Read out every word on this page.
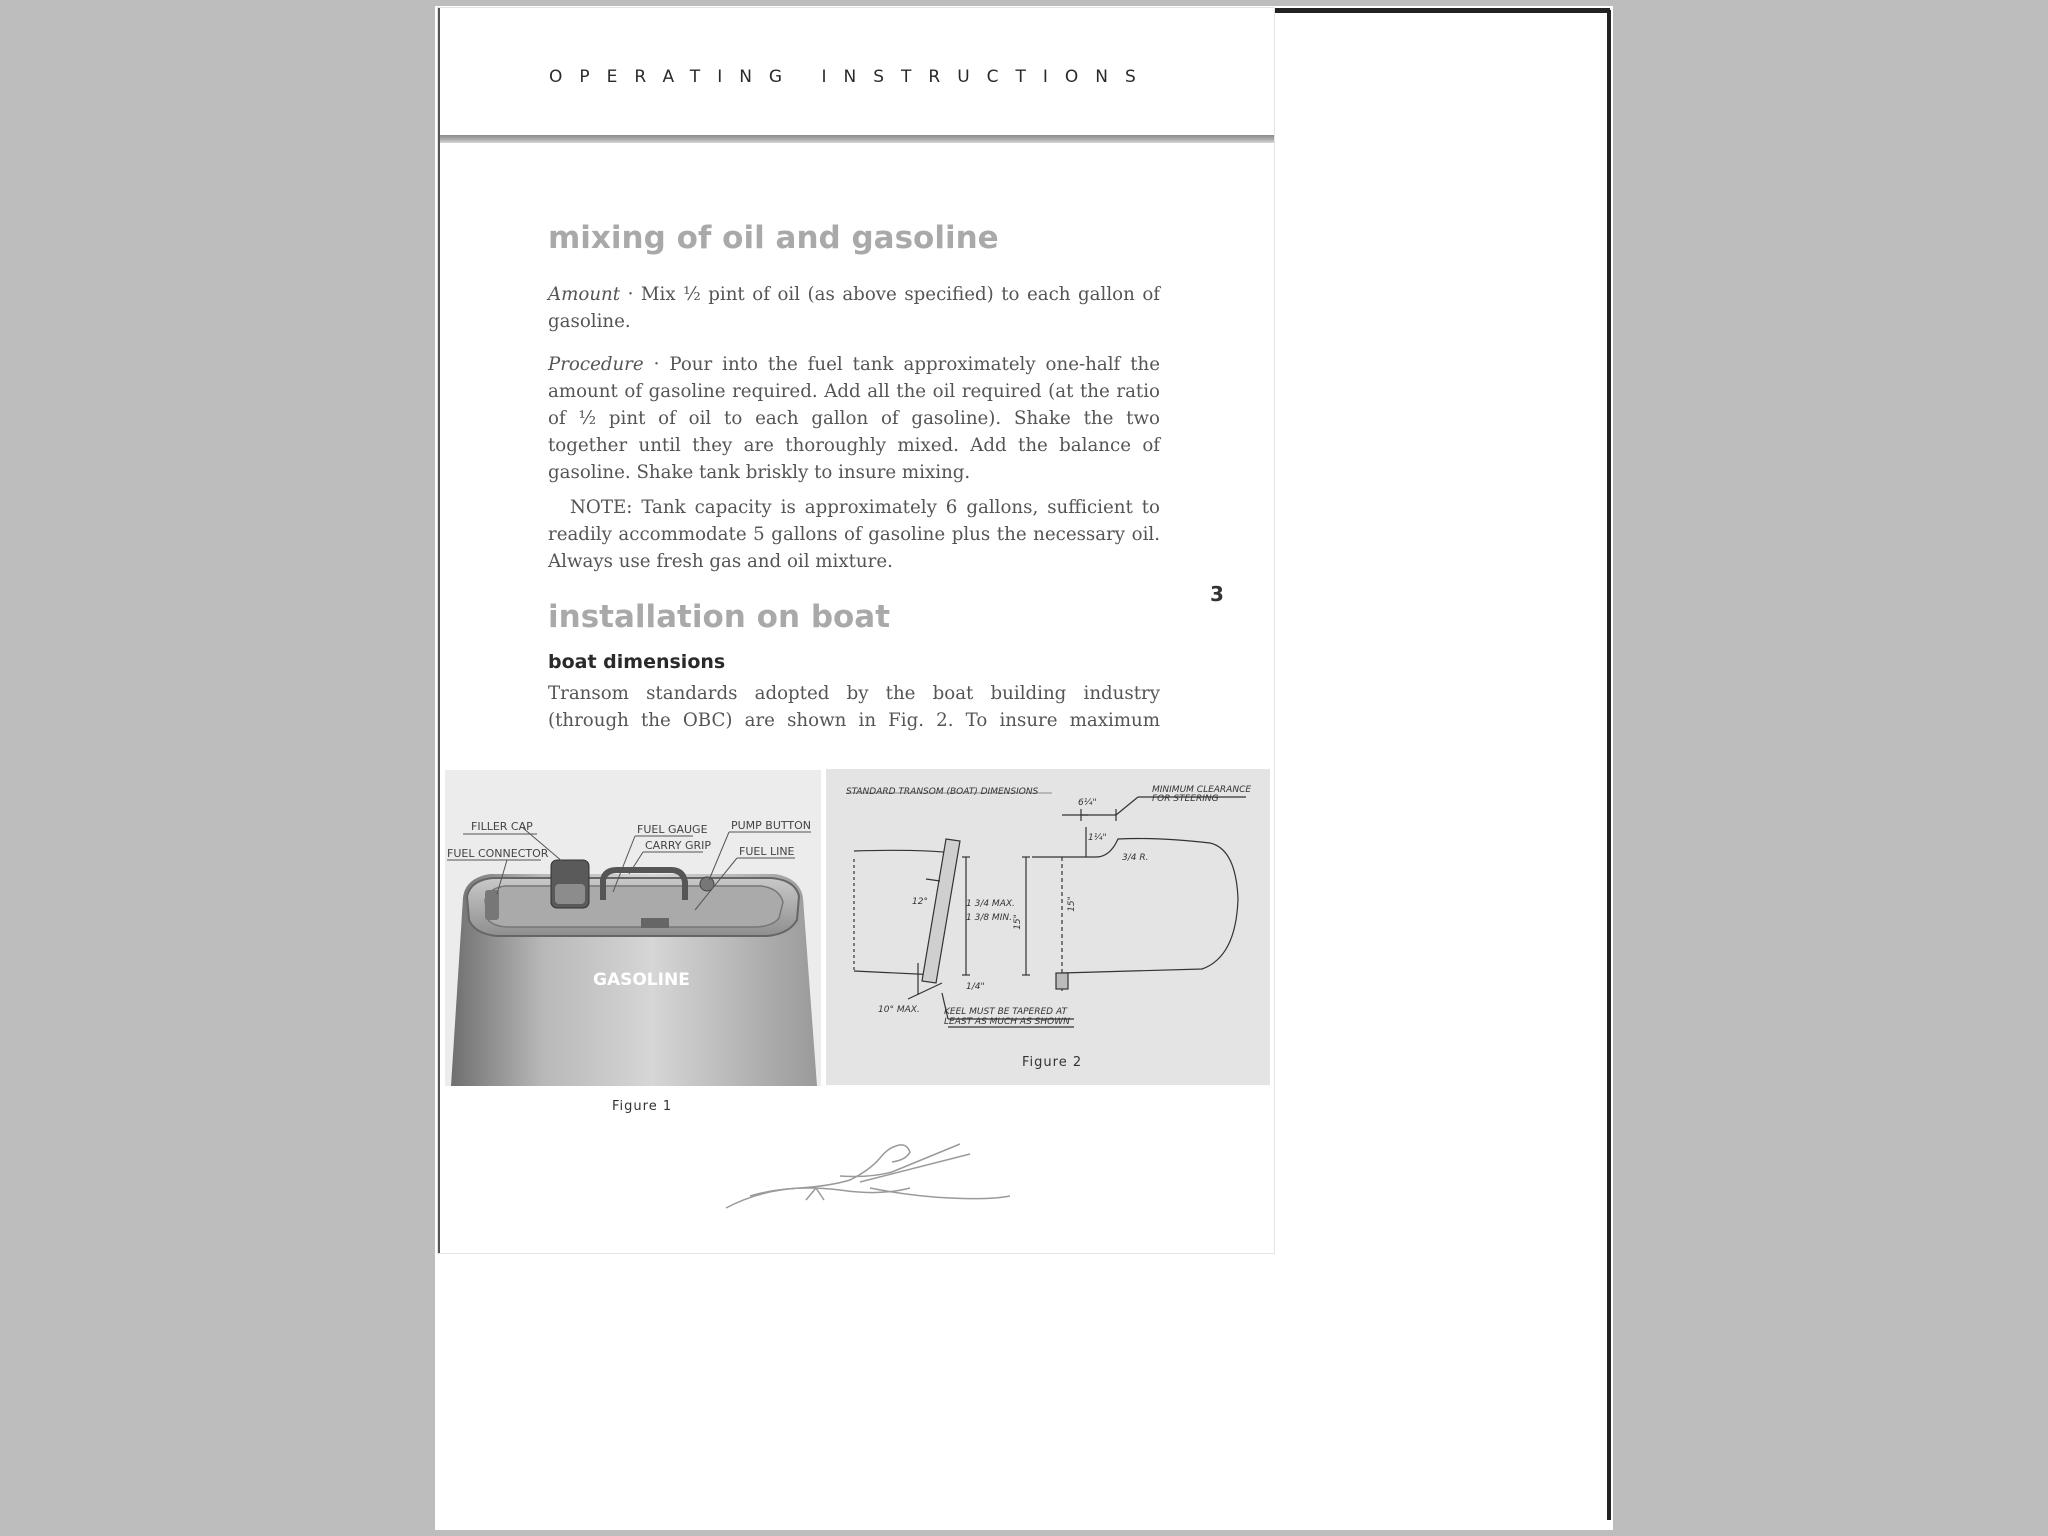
OPERATING INSTRUCTIONS
mixing of oil and gasoline

Amount · Mix ½ pint of oil (as above specified) to each gallon of gasoline.

Procedure · Pour into the fuel tank approximately one-half the amount of gasoline required. Add all the oil required (at the ratio of ½ pint of oil to each gallon of gasoline). Shake the two together until they are thoroughly mixed. Add the balance of gasoline. Shake tank briskly to insure mixing.

NOTE: Tank capacity is approximately 6 gallons, sufficient to readily accommodate 5 gallons of gasoline plus the necessary oil. Always use fresh gas and oil mixture.

3
installation on boat
boat dimensions

Transom standards adopted by the boat building industry (through the OBC) are shown in Fig. 2. To insure maximum

FILLER CAP
FUEL CONNECTOR
FUEL GAUGE
CARRY GRIP
PUMP BUTTON
FUEL LINE
GASOLINE
Figure 1
STANDARD TRANSOM (BOAT) DIMENSIONS	MINIMUM CLEARANCE FOR STEERING
6¼"
1¼"
3/4 R.
12°	1 3/4 MAX.
1 3/8 MIN. 15"
15"
1/4"
10° MAX.	KEEL MUST BE TAPERED AT LEAST AS MUCH AS SHOWN
Figure 2
